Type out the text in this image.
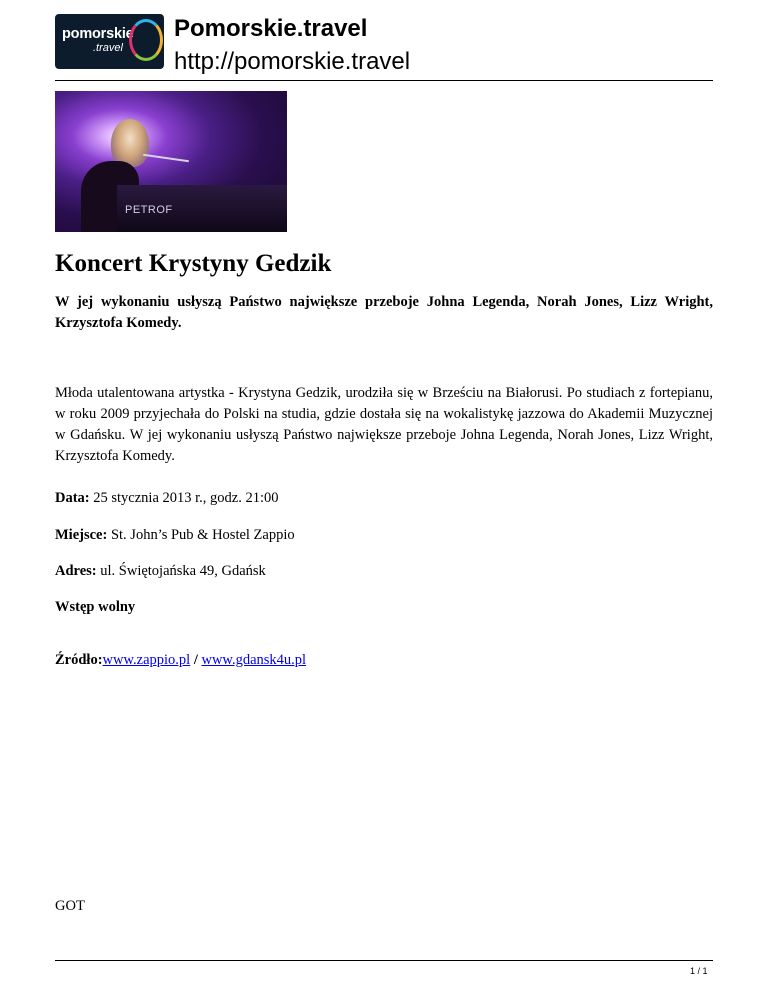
pomorskie
.travel
Pomorskie.travel
http://pomorskie.travel
PETROF
Koncert Krystyny Gedzik

W jej wykonaniu usłyszą Państwo największe przeboje Johna Legenda, Norah Jones, Lizz Wright, Krzysztofa Komedy.

Młoda utalentowana artystka - Krystyna Gedzik, urodziła się w Brześciu na Białorusi. Po studiach z fortepianu, w roku 2009 przyjechała do Polski na studia, gdzie dostała się na wokalistykę jazzowa do Akademii Muzycznej w Gdańsku. W jej wykonaniu usłyszą Państwo największe przeboje Johna Legenda, Norah Jones, Lizz Wright, Krzysztofa Komedy.

Data: 25 stycznia 2013 r., godz. 21:00

Miejsce: St. John’s Pub & Hostel Zappio

Adres: ul. Świętojańska 49, Gdańsk

Wstęp wolny

Źródło:www.zappio.pl / www.gdansk4u.pl

GOT
1 / 1
